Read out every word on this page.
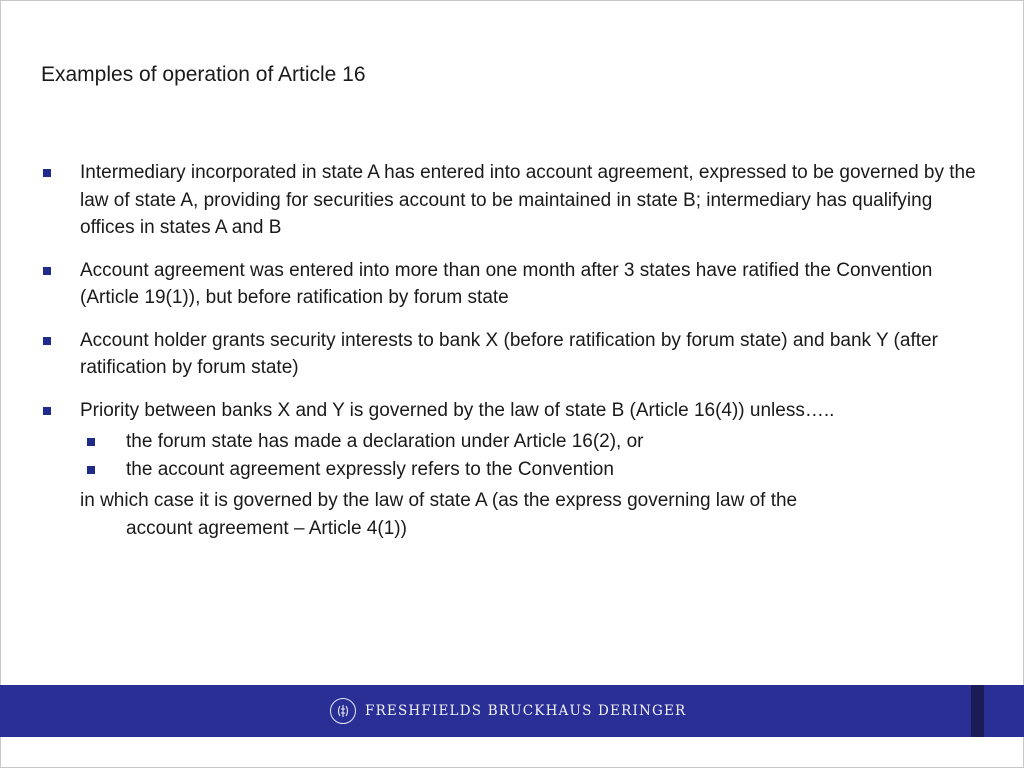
Examples of operation of Article 16
Intermediary incorporated in state A has entered into account agreement, expressed to be governed by the law of state A, providing for securities account to be maintained in state B; intermediary has qualifying offices in states A and B
Account agreement was entered into more than one month after 3 states have ratified the Convention (Article 19(1)), but before ratification by forum state
Account holder grants security interests to bank X (before ratification by forum state) and bank Y (after ratification by forum state)
Priority between banks X and Y is governed by the law of state B (Article 16(4)) unless…..
the forum state has made a declaration under Article 16(2), or
the account agreement expressly refers to the Convention
in which case it is governed by the law of state A (as the express governing law of the
account agreement – Article 4(1))
FRESHFIELDS BRUCKHAUS DERINGER
